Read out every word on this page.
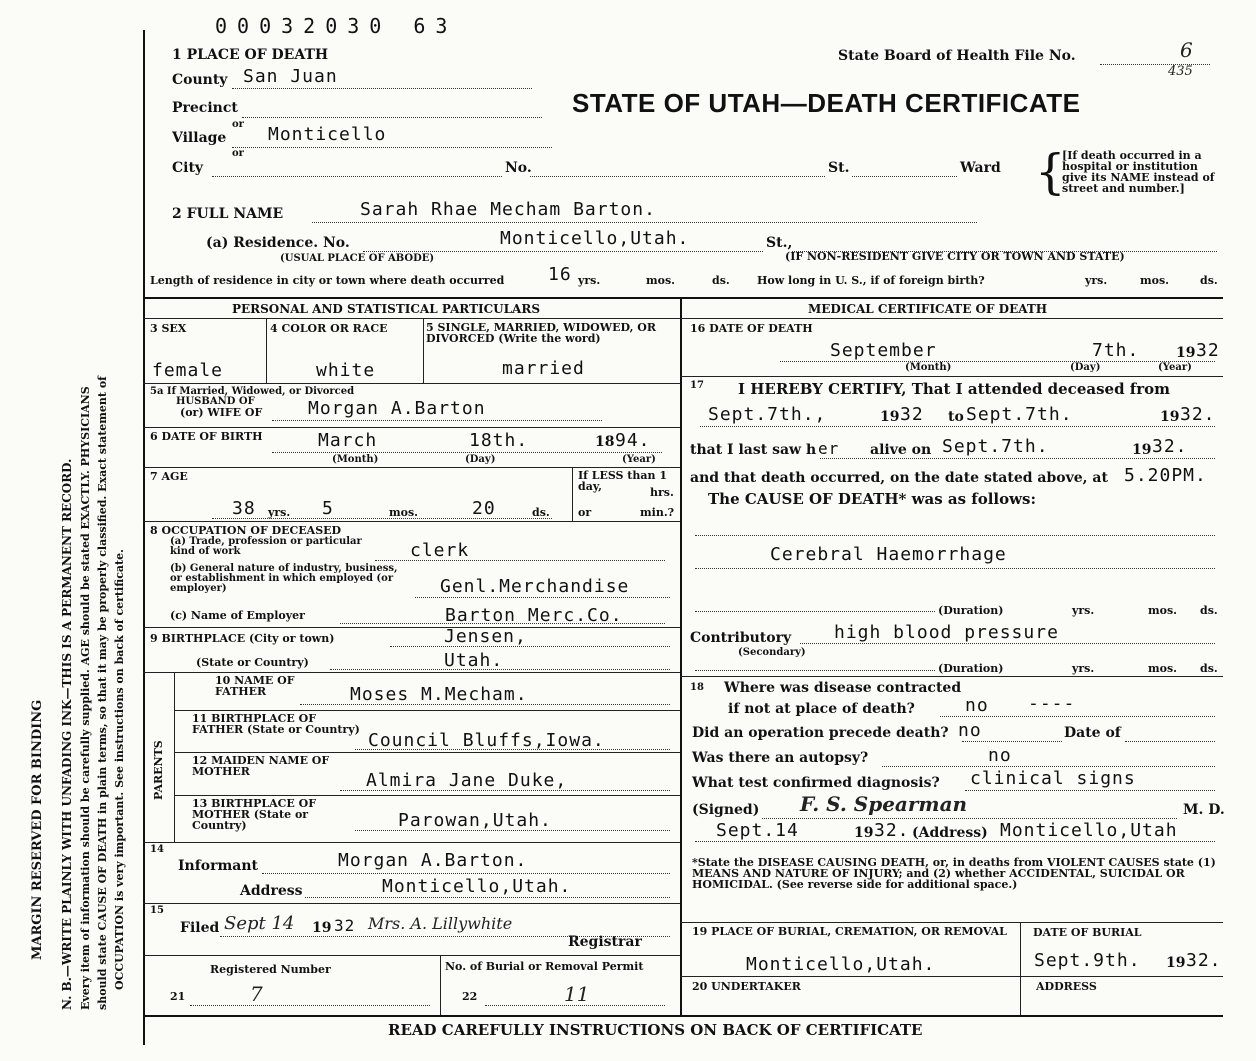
MARGIN RESERVED FOR BINDING N. B.—WRITE PLAINLY WITH UNFADING INK—THIS IS A PERMANENT RECORD. Every item of information should be carefully supplied. AGE should be stated EXACTLY. PHYSICIANS should state CAUSE OF DEATH in plain terms, so that it may be properly classified. Exact statement of OCCUPATION is very important. See instructions on back of certificate.
00032030 63
1 PLACE OF DEATH	State Board of Health File No.	6
435
STATE OF UTAH—DEATH CERTIFICATE
County San Juan
Precinct
or
Village Monticello
or
City	No.	St.	Ward {
[If death occurred in a hospital or institution give its NAME instead of street and number.]
2 FULL NAME	Sarah Rhae Mecham Barton.
(a) Residence. No.	Monticello,Utah.	St.,
(USUAL PLACE OF ABODE)	(IF NON-RESIDENT GIVE CITY OR TOWN AND STATE)
Length of residence in city or town where death occurred 16 yrs.	mos.	ds. How long in U. S., if of foreign birth?	yrs.	mos.	ds.
PERSONAL AND STATISTICAL PARTICULARS
3 SEX	4 COLOR OR RACE	5 SINGLE, MARRIED, WIDOWED, OR DIVORCED (Write the word)
female	white	married
5a If Married, Widowed, or Divorced
HUSBAND OF
(or) WIFE OF	Morgan A.Barton
6 DATE OF BIRTH	March	18th.	18 94.
(Month)	(Day)	(Year)
7 AGE
38 yrs. 5	mos.	20	ds.
If LESS than 1 day,	hrs.
or	min.?
8 OCCUPATION OF DECEASED
(a) Trade, profession or particular kind of work	clerk
(b) General nature of industry, business, or establishment in which employed (or employer)	Genl.Merchandise
(c) Name of Employer	Barton Merc.Co.
9 BIRTHPLACE (City or town)	Jensen,
(State or Country)	Utah.
PARENTS
10 NAME OF FATHER	Moses M.Mecham.
11 BIRTHPLACE OF FATHER (State or Country)
Council Bluffs,Iowa.
12 MAIDEN NAME OF MOTHER	Almira Jane Duke,
13 BIRTHPLACE OF MOTHER (State or Country)	Parowan,Utah.
14
Informant	Morgan A.Barton.
Address	Monticello,Utah.
15
Filed Sept 14 19 32 Mrs. A. Lillywhite
Registrar
Registered Number	No. of Burial or Removal Permit
21	22
7	11
MEDICAL CERTIFICATE OF DEATH
16 DATE OF DEATH
September	7th.	19 32
(Month)	(Day)	(Year)
17 I HEREBY CERTIFY, That I attended deceased from
Sept.7th.,	19 32 to Sept.7th.	19 32.
that I last saw h er alive on Sept.7th.	19 32.
and that death occurred, on the date stated above, at 5.20PM.
The CAUSE OF DEATH* was as follows:
Cerebral Haemorrhage
(Duration)	yrs.	mos. ds.
Contributory
(Secondary)
high blood pressure
(Duration)	yrs.	mos. ds.
18 Where was disease contracted
if not at place of death?	no ----
Did an operation precede death? no	Date of
Was there an autopsy?	no
What test confirmed diagnosis? clinical signs
(Signed) F. S. Spearman	M. D.
Sept.14	19 32. (Address) Monticello,Utah
*State the DISEASE CAUSING DEATH, or, in deaths from VIOLENT CAUSES state (1) MEANS AND NATURE OF INJURY; and (2) whether ACCIDENTAL, SUICIDAL OR HOMICIDAL. (See reverse side for additional space.)
19 PLACE OF BURIAL, CREMATION, OR REMOVAL
Monticello,Utah.
DATE OF BURIAL
Sept.9th. 19 32.
20 UNDERTAKER	ADDRESS
READ CAREFULLY INSTRUCTIONS ON BACK OF CERTIFICATE
